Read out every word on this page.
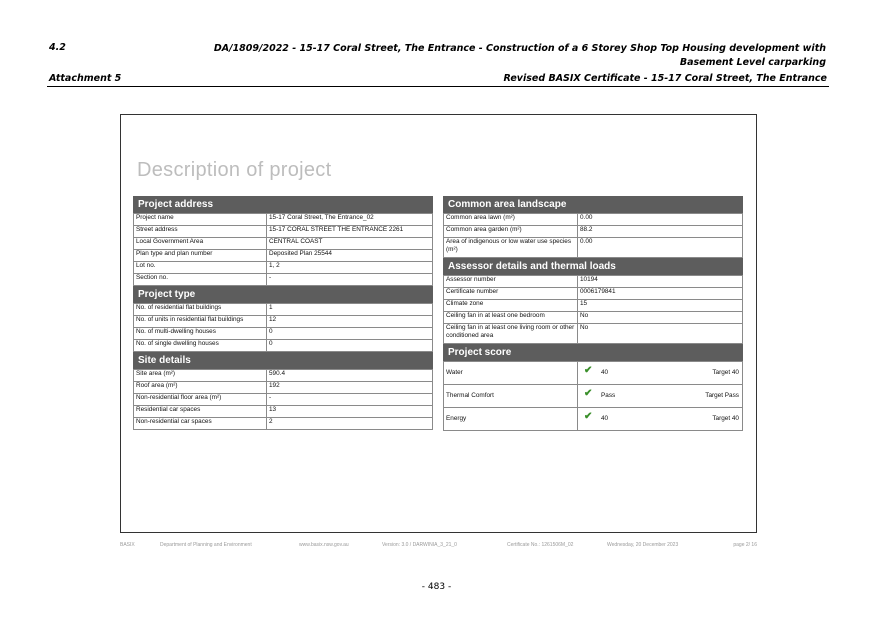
4.2	DA/1809/2022 - 15-17 Coral Street, The Entrance - Construction of a 6 Storey Shop Top Housing development with Basement Level carparking
Attachment 5	Revised BASIX Certificate - 15-17 Coral Street, The Entrance
Description of project
Project address
Project name	15-17 Coral Street, The Entrance_02
Street address	15-17 CORAL STREET THE ENTRANCE 2261
Local Government Area	CENTRAL COAST
Plan type and plan number	Deposited Plan 25544
Lot no.	1, 2
Section no.	-
Project type
No. of residential flat buildings	1
No. of units in residential flat buildings	12
No. of multi-dwelling houses	0
No. of single dwelling houses	0
Site details
Site area (m²)	590.4
Roof area (m²)	192
Non-residential floor area (m²)	-
Residential car spaces	13
Non-residential car spaces	2
Common area landscape
Common area lawn (m²)	0.00
Common area garden (m²)	88.2
Area of indigenous or low water use species (m²)	0.00
Assessor details and thermal loads
Assessor number	10194
Certificate number	0006179841
Climate zone	15
Ceiling fan in at least one bedroom	No
Ceiling fan in at least one living room or other conditioned area	No
Project score
Water	✔ 40 Target 40

Thermal Comfort	✔ Pass Target Pass

Energy	✔ 40 Target 40
BASIX	Department of Planning and Environment	www.basix.nsw.gov.au	Version: 3.0 / DARWINIA_3_21_0	Certificate No.: 1261506M_02	Wednesday, 20 December 2023	page 2/ 16
- 483 -
